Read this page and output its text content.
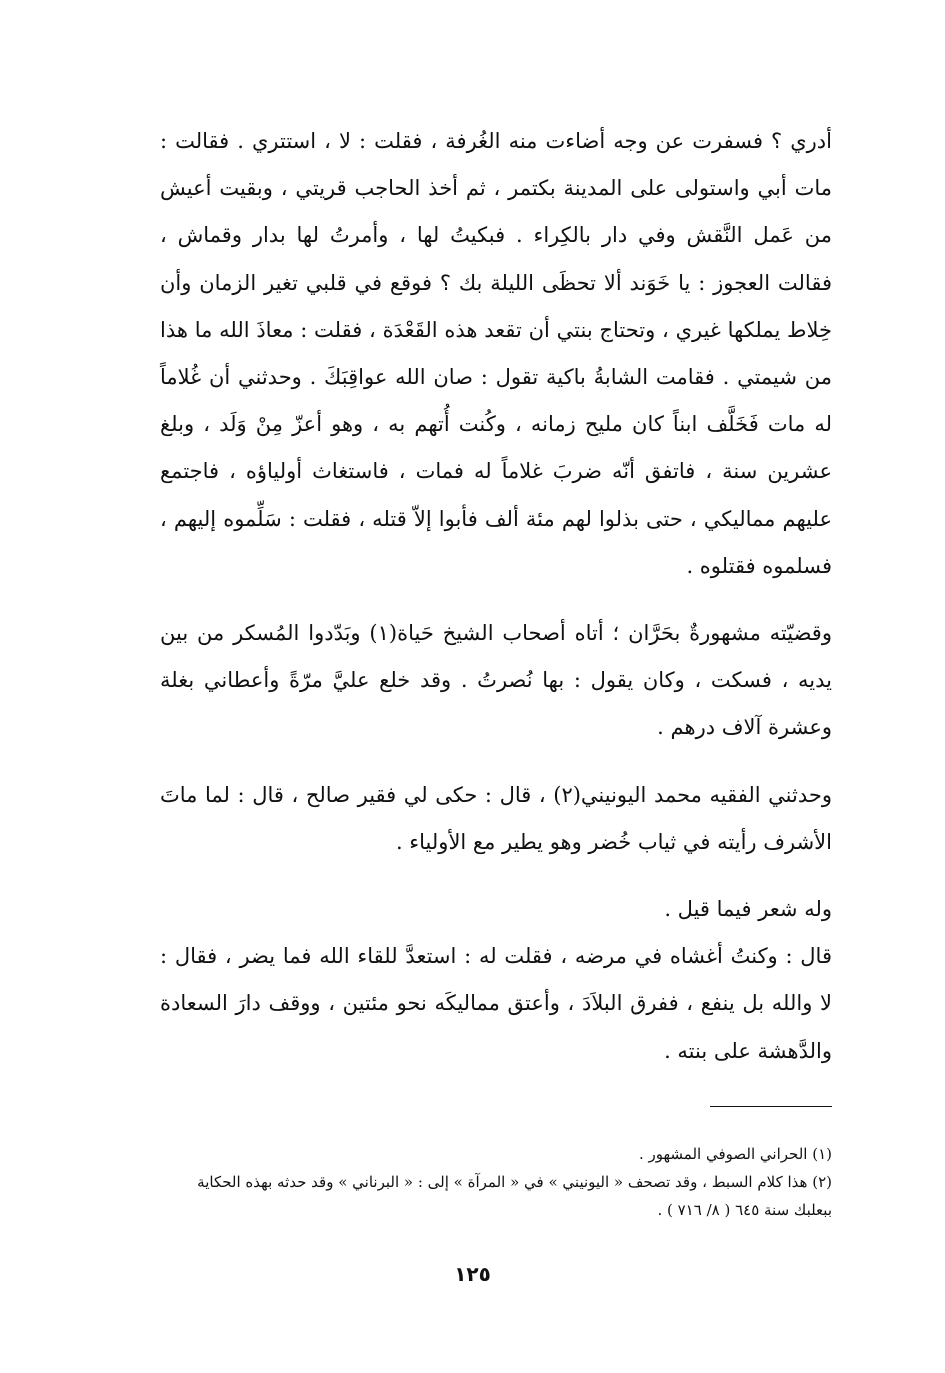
أدري ؟ فسفرت عن وجه أضاءت منه الغُرفة ، فقلت : لا ، استتري . فقالت : مات أبي واستولى على المدينة بكتمر ، ثم أخذ الحاجب قريتي ، وبقيت أعيش من عَمل النَّقش وفي دار بالكِراء . فبكيتُ لها ، وأمرتُ لها بدار وقماش ، فقالت العجوز : يا خَوَند ألا تحظَى الليلة بك ؟ فوقع في قلبي تغير الزمان وأن خِلاط يملكها غيري ، وتحتاج بنتي أن تقعد هذه القَعْدَة ، فقلت : معاذَ الله ما هذا من شيمتي . فقامت الشابةُ باكية تقول : صان الله عواقِبَكَ . وحدثني أن غُلاماً له مات فَخَلَّف ابناً كان مليح زمانه ، وكُنت أُتهم به ، وهو أعزّ مِنْ وَلَد ، وبلغ عشرين سنة ، فاتفق أنّه ضربَ غلاماً له فمات ، فاستغاث أولياؤه ، فاجتمع عليهم مماليكي ، حتى بذلوا لهم مئة ألف فأبوا إلاّ قتله ، فقلت : سَلِّموه إليهم ، فسلموه فقتلوه .

وقضيّته مشهورةٌ بحَرَّان ؛ أتاه أصحاب الشيخ حَياة(١) وبَدّدوا المُسكر من بين يديه ، فسكت ، وكان يقول : بها نُصرتُ . وقد خلع عليَّ مرّةً وأعطاني بغلة وعشرة آلاف درهم .

وحدثني الفقيه محمد اليونيني(٢) ، قال : حكى لي فقير صالح ، قال : لما ماتَ الأشرف رأيته في ثياب خُضر وهو يطير مع الأولياء .

وله شعر فيما قيل .

قال : وكنتُ أغشاه في مرضه ، فقلت له : استعدَّ للقاء الله فما يضر ، فقال : لا والله بل ينفع ، ففرق البلاَدَ ، وأعتق مماليكَه نحو مئتين ، ووقف دارَ السعادة والدَّهشة على بنته .

(١) الحراني الصوفي المشهور .

(٢) هذا كلام السبط ، وقد تصحف « اليونيني » في « المرآة » إلى : « البرناني » وقد حدثه بهذه الحكاية ببعلبك سنة ٦٤٥ ( ٨/ ٧١٦ ) .

١٢٥
